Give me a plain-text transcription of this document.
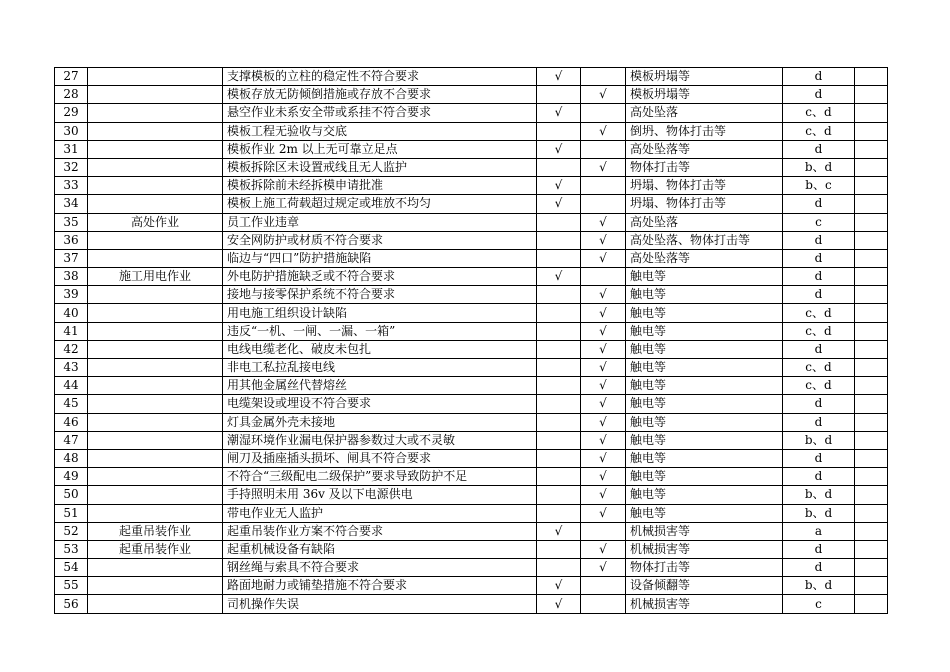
27		支撑模板的立柱的稳定性不符合要求	√		模板坍塌等	d	
28		模板存放无防倾倒措施或存放不合要求		√	模板坍塌等	d	
29		悬空作业未系安全带或系挂不符合要求	√		高处坠落	c、d	
30		模板工程无验收与交底		√	倒坍、物体打击等	c、d	
31		模板作业 2m 以上无可靠立足点	√		高处坠落等	d	
32		模板拆除区未设置戒线且无人监护		√	物体打击等	b、d	
33		模板拆除前未经拆模申请批准	√		坍塌、物体打击等	b、c	
34		模板上施工荷载超过规定或堆放不均匀	√		坍塌、物体打击等	d	
35	高处作业	员工作业违章		√	高处坠落	c	
36		安全网防护或材质不符合要求		√	高处坠落、物体打击等	d	
37		临边与“四口”防护措施缺陷		√	高处坠落等	d	
38	施工用电作业	外电防护措施缺乏或不符合要求	√		触电等	d	
39		接地与接零保护系统不符合要求		√	触电等	d	
40		用电施工组织设计缺陷		√	触电等	c、d	
41		违反“一机、一闸、一漏、一箱”		√	触电等	c、d	
42		电线电缆老化、破皮未包扎		√	触电等	d	
43		非电工私拉乱接电线		√	触电等	c、d	
44		用其他金属丝代替熔丝		√	触电等	c、d	
45		电缆架设或埋设不符合要求		√	触电等	d	
46		灯具金属外壳未接地		√	触电等	d	
47		潮湿环境作业漏电保护器参数过大或不灵敏		√	触电等	b、d	
48		闸刀及插座插头损坏、闸具不符合要求		√	触电等	d	
49		不符合“三级配电二级保护”要求导致防护不足		√	触电等	d	
50		手持照明未用 36v 及以下电源供电		√	触电等	b、d	
51		带电作业无人监护		√	触电等	b、d	
52	起重吊装作业	起重吊装作业方案不符合要求	√		机械损害等	a	
53	起重吊装作业	起重机械设备有缺陷		√	机械损害等	d	
54		钢丝绳与索具不符合要求		√	物体打击等	d	
55		路面地耐力或铺垫措施不符合要求	√		设备倾翻等	b、d	
56		司机操作失误	√		机械损害等	c	
